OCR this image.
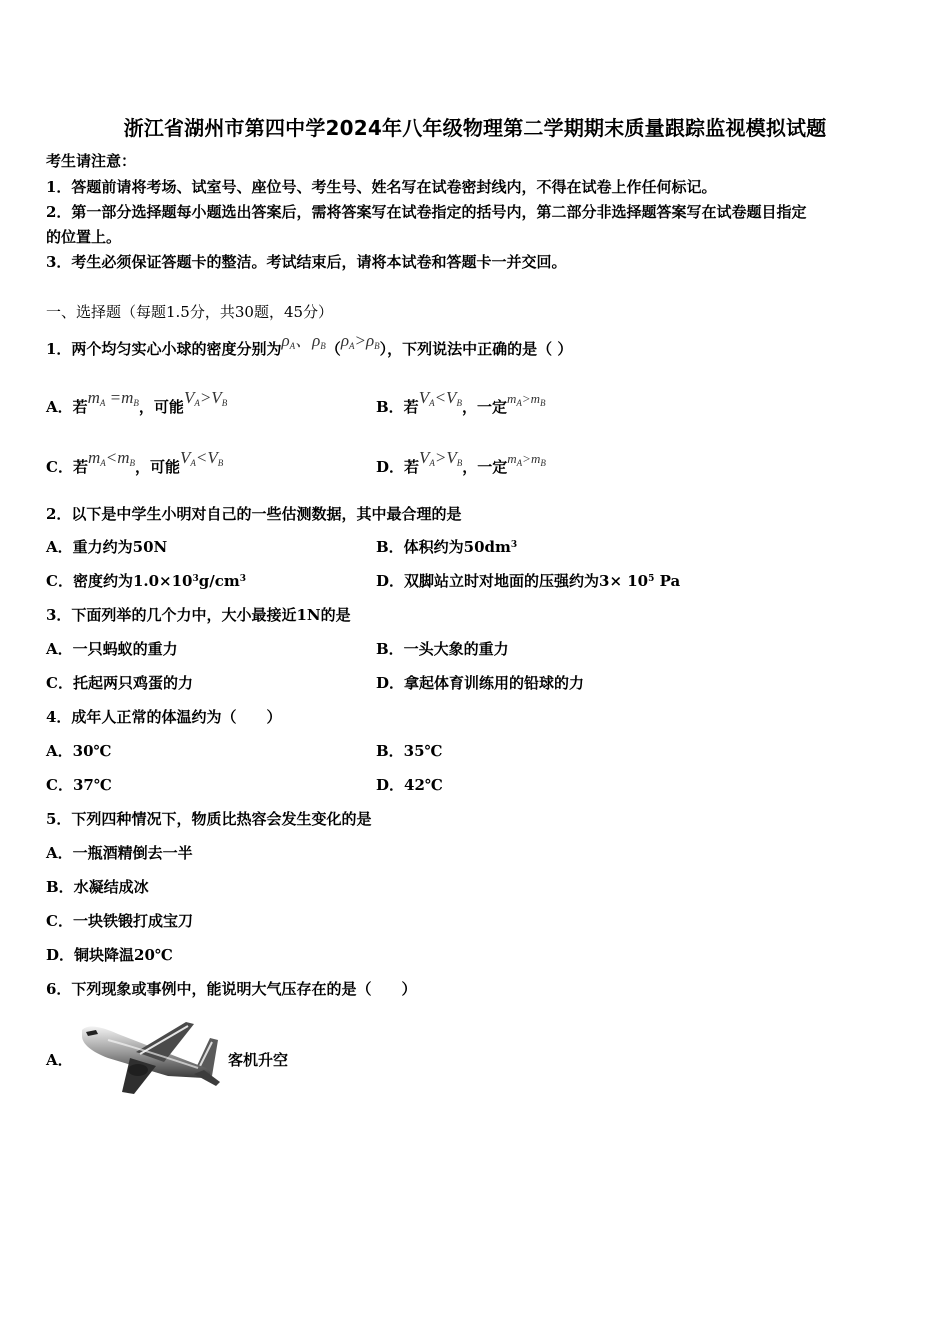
浙江省湖州市第四中学2024年八年级物理第二学期期末质量跟踪监视模拟试题
考生请注意：
1．答题前请将考场、试室号、座位号、考生号、姓名写在试卷密封线内，不得在试卷上作任何标记。
2．第一部分选择题每小题选出答案后，需将答案写在试卷指定的括号内，第二部分非选择题答案写在试卷题目指定
的位置上。
3．考生必须保证答题卡的整洁。考试结束后，请将本试卷和答题卡一并交回。
一、选择题（每题1.5分，共30题，45分）
1．两个均匀实心小球的密度分别为$\rho_A$、$\rho_B(\rho_A>\rho_B)$，下列说法中正确的是（ ）
A．若$m_A =m_B$，可能$V_A>V_B$	B．若$V_A<V_B$，一定$m_A>m_B$
C．若$m_A<m_B$，可能$V_A<V_B$	D．若$V_A>V_B$，一定$m_A>m_B$
2．以下是中学生小明对自己的一些估测数据，其中最合理的是
A．重力约为50N	B．体积约为$50dm^3$
C．密度约为$1.0\times 10^3g/cm^3$	D．双脚站立时对地面的压强约为$3\times 10^5$ Pa
3．下面列举的几个力中，大小最接近1N的是
A．一只蚂蚁的重力	B．一头大象的重力
C．托起两只鸡蛋的力	D．拿起体育训练用的铅球的力
4．成年人正常的体温约为（　　）
A．30℃	B．35℃
C．37℃	D．42℃
5．下列四种情况下，物质比热容会发生变化的是
A．一瓶酒精倒去一半
B．水凝结成冰
C．一块铁锻打成宝刀
D．铜块降温20℃
6．下列现象或事例中，能说明大气压存在的是（　　）
A．	客机升空
